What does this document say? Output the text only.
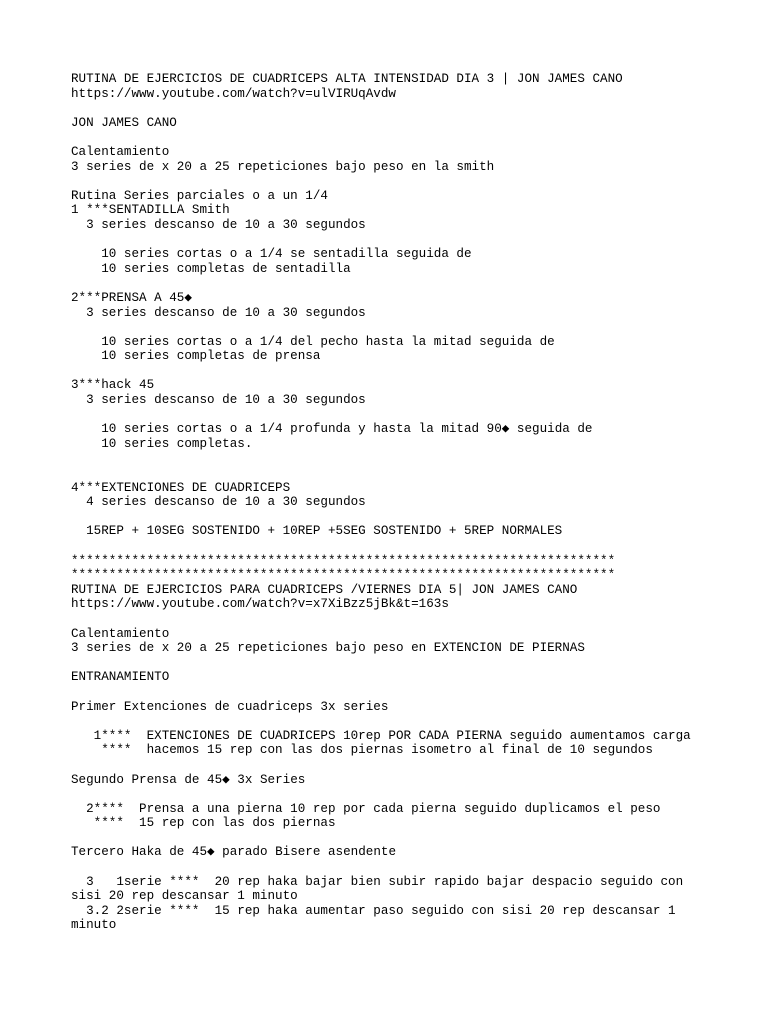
RUTINA DE EJERCICIOS DE CUADRICEPS ALTA INTENSIDAD DIA 3 | JON JAMES CANO
https://www.youtube.com/watch?v=ulVIRUqAvdw
JON JAMES CANO
Calentamiento
3 series de x 20 a 25 repeticiones bajo peso en la smith
Rutina Series parciales o a un 1/4
1 ***SENTADILLA Smith
3 series descanso de 10 a 30 segundos
10 series cortas o a 1/4 se sentadilla seguida de
10 series completas de sentadilla
2***PRENSA A 45◆
3 series descanso de 10 a 30 segundos
10 series cortas o a 1/4 del pecho hasta la mitad seguida de
10 series completas de prensa
3***hack 45
3 series descanso de 10 a 30 segundos
10 series cortas o a 1/4 profunda y hasta la mitad 90◆ seguida de
10 series completas.
4***EXTENCIONES DE CUADRICEPS
4 series descanso de 10 a 30 segundos
15REP + 10SEG SOSTENIDO + 10REP +5SEG SOSTENIDO + 5REP NORMALES
************************************************************************
************************************************************************
RUTINA DE EJERCICIOS PARA CUADRICEPS /VIERNES DIA 5| JON JAMES CANO
https://www.youtube.com/watch?v=x7XiBzz5jBk&t=163s
Calentamiento
3 series de x 20 a 25 repeticiones bajo peso en EXTENCION DE PIERNAS
ENTRANAMIENTO
Primer Extenciones de cuadriceps 3x series
1****  EXTENCIONES DE CUADRICEPS 10rep POR CADA PIERNA seguido aumentamos carga
****  hacemos 15 rep con las dos piernas isometro al final de 10 segundos
Segundo Prensa de 45◆ 3x Series
2****  Prensa a una pierna 10 rep por cada pierna seguido duplicamos el peso
****  15 rep con las dos piernas
Tercero Haka de 45◆ parado Bisere asendente
3   1serie ****  20 rep haka bajar bien subir rapido bajar despacio seguido con
sisi 20 rep descansar 1 minuto
3.2 2serie ****  15 rep haka aumentar paso seguido con sisi 20 rep descansar 1
minuto
